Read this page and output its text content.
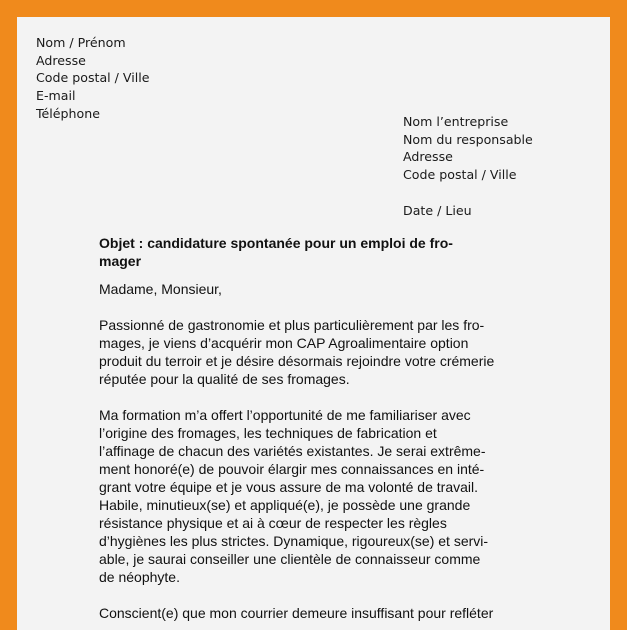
Nom / Prénom
Adresse
Code postal / Ville
E-mail
Téléphone
Nom l’entreprise
Nom du responsable
Adresse
Code postal / Ville
Date / Lieu
Objet : candidature spontanée pour un emploi de fro-
mager
Madame, Monsieur,
Passionné de gastronomie et plus particulièrement par les fro-
mages, je viens d’acquérir mon CAP Agroalimentaire option
produit du terroir et je désire désormais rejoindre votre crémerie
réputée pour la qualité de ses fromages.
Ma formation m’a offert l’opportunité de me familiariser avec
l’origine des fromages, les techniques de fabrication et
l’affinage de chacun des variétés existantes. Je serai extrême-
ment honoré(e) de pouvoir élargir mes connaissances en inté-
grant votre équipe et je vous assure de ma volonté de travail.
Habile, minutieux(se) et appliqué(e), je possède une grande
résistance physique et ai à cœur de respecter les règles
d’hygiènes les plus strictes. Dynamique, rigoureux(se) et servi-
able, je saurai conseiller une clientèle de connaisseur comme
de néophyte.
Conscient(e) que mon courrier demeure insuffisant pour refléter
